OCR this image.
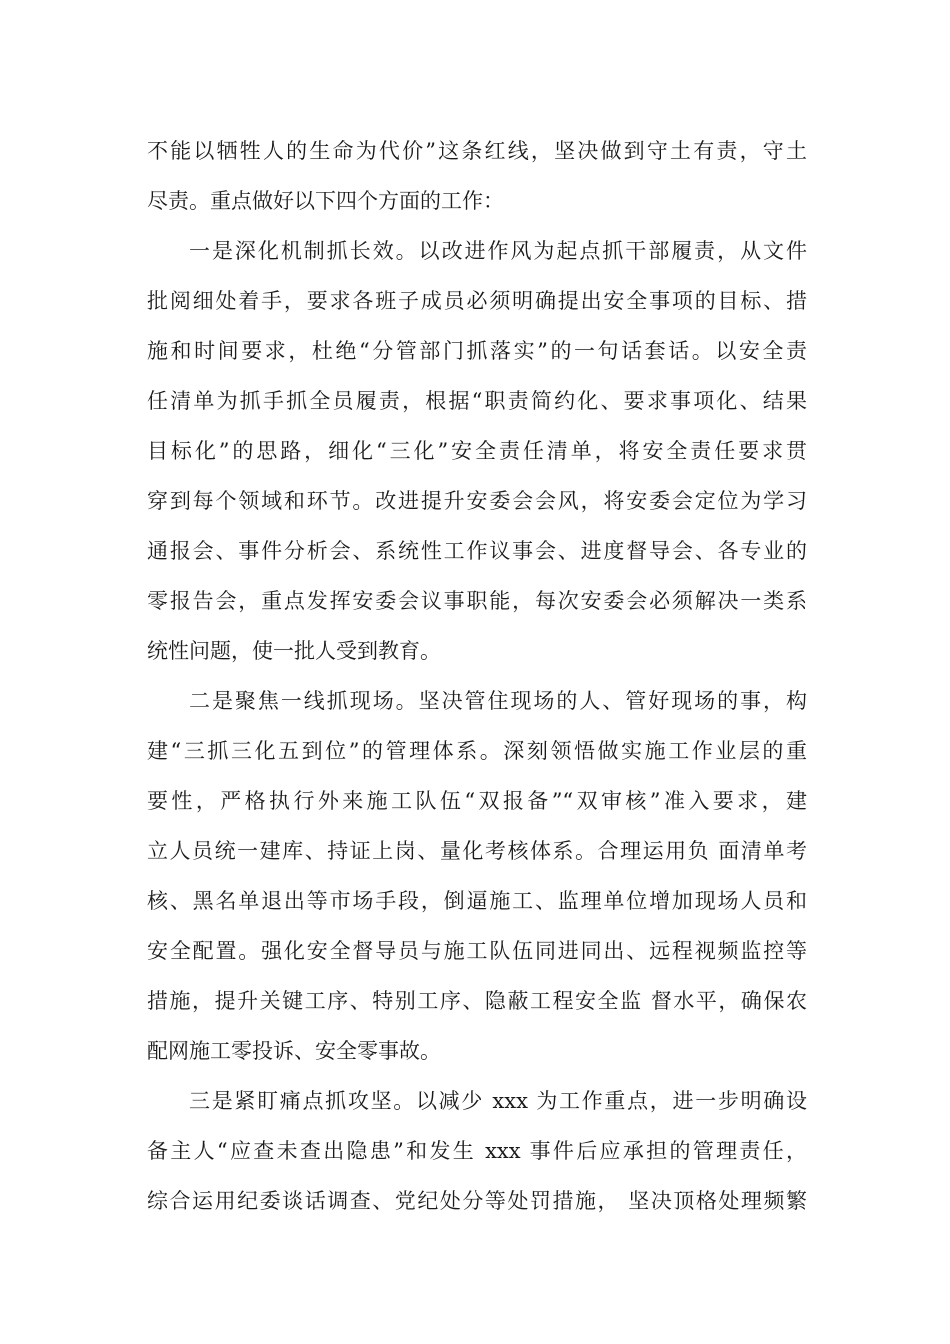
不能以牺牲人的生命为代价”这条红线，坚决做到守土有责，守土
尽责。重点做好以下四个方面的工作：
一是深化机制抓长效。以改进作风为起点抓干部履责，从文件
批阅细处着手，要求各班子成员必须明确提出安全事项的目标、措
施和时间要求，杜绝“分管部门抓落实”的一句话套话。以安全责
任清单为抓手抓全员履责，根据“职责简约化、要求事项化、结果
目标化”的思路，细化“三化”安全责任清单，将安全责任要求贯
穿到每个领域和环节。改进提升安委会会风，将安委会定位为学习
通报会、事件分析会、系统性工作议事会、进度督导会、各专业的
零报告会，重点发挥安委会议事职能，每次安委会必须解决一类系
统性问题，使一批人受到教育。
二是聚焦一线抓现场。坚决管住现场的人、管好现场的事，构
建“三抓三化五到位”的管理体系。深刻领悟做实施工作业层的重
要性，严格执行外来施工队伍“双报备”“双审核”准入要求，建
立人员统一建库、持证上岗、量化考核体系。合理运用负 面清单考
核、黑名单退出等市场手段，倒逼施工、监理单位增加现场人员和
安全配置。强化安全督导员与施工队伍同进同出、远程视频监控等
措施，提升关键工序、特别工序、隐蔽工程安全监 督水平，确保农
配网施工零投诉、安全零事故。
三是紧盯痛点抓攻坚。以减少 xxx 为工作重点，进一步明确设
备主人“应查未查出隐患”和发生 xxx 事件后应承担的管理责任，
综合运用纪委谈话调查、党纪处分等处罚措施， 坚决顶格处理频繁
